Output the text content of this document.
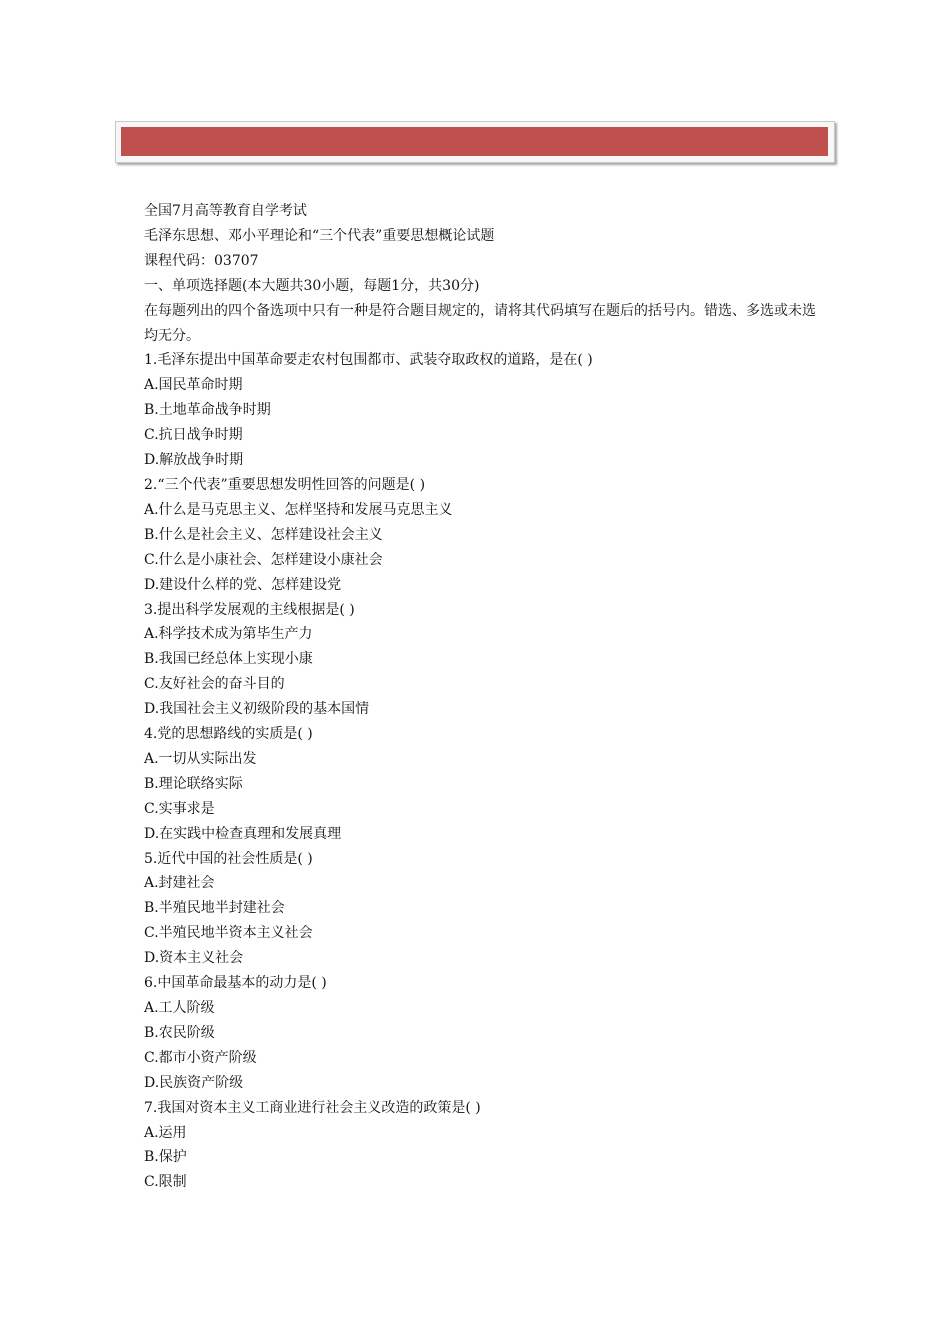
全国7月高等教育自学考试
毛泽东思想、邓小平理论和“三个代表”重要思想概论试题
课程代码：03707
一、单项选择题(本大题共30小题，每题1分，共30分)
在每题列出的四个备选项中只有一种是符合题目规定的，请将其代码填写在题后的括号内。错选、多选或未选均无分。
1.毛泽东提出中国革命要走农村包围都市、武装夺取政权的道路，是在( )
A.国民革命时期
B.土地革命战争时期
C.抗日战争时期
D.解放战争时期
2.“三个代表”重要思想发明性回答的问题是( )
A.什么是马克思主义、怎样坚持和发展马克思主义
B.什么是社会主义、怎样建设社会主义
C.什么是小康社会、怎样建设小康社会
D.建设什么样的党、怎样建设党
3.提出科学发展观的主线根据是( )
A.科学技术成为第毕生产力
B.我国已经总体上实现小康
C.友好社会的奋斗目的
D.我国社会主义初级阶段的基本国情
4.党的思想路线的实质是( )
A.一切从实际出发
B.理论联络实际
C.实事求是
D.在实践中检查真理和发展真理
5.近代中国的社会性质是( )
A.封建社会
B.半殖民地半封建社会
C.半殖民地半资本主义社会
D.资本主义社会
6.中国革命最基本的动力是( )
A.工人阶级
B.农民阶级
C.都市小资产阶级
D.民族资产阶级
7.我国对资本主义工商业进行社会主义改造的政策是( )
A.运用
B.保护
C.限制
